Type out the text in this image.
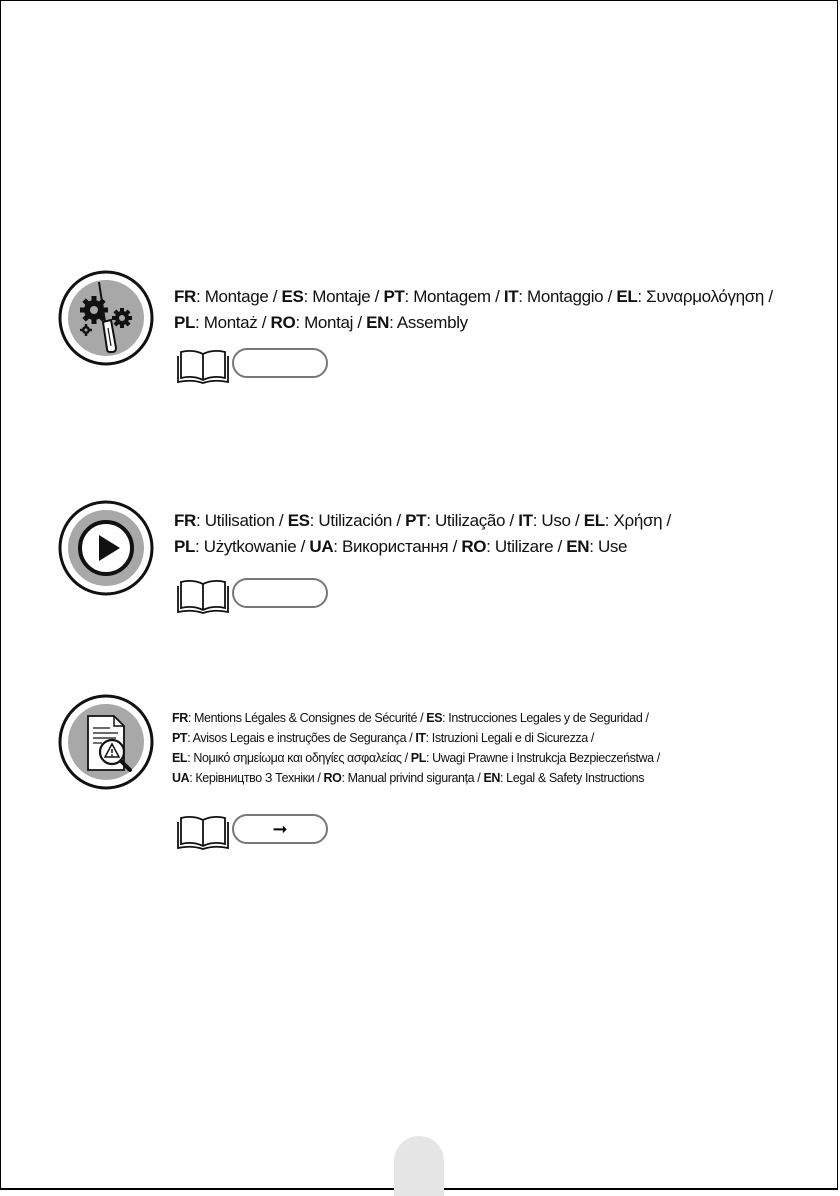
FR: Montage / ES: Montaje / PT: Montagem / IT: Montaggio / EL: Συναρμολόγηση /
PL: Montaż / RO: Montaj / EN: Assembly
FR: Utilisation / ES: Utilización / PT: Utilização / IT: Uso / EL: Χρήση /
PL: Użytkowanie / UA: Використання / RO: Utilizare / EN: Use
FR: Mentions Légales & Consignes de Sécurité / ES: Instrucciones Legales y de Seguridad /
PT: Avisos Legais e instruções de Segurança / IT: Istruzioni Legali e di Sicurezza /
EL: Νομικό σημείωμα και οδηγίες ασφαλείας / PL: Uwagi Prawne i Instrukcja Bezpieczeństwa /
UA: Керівництво З Техніки / RO: Manual privind siguranța / EN: Legal & Safety Instructions
➞
